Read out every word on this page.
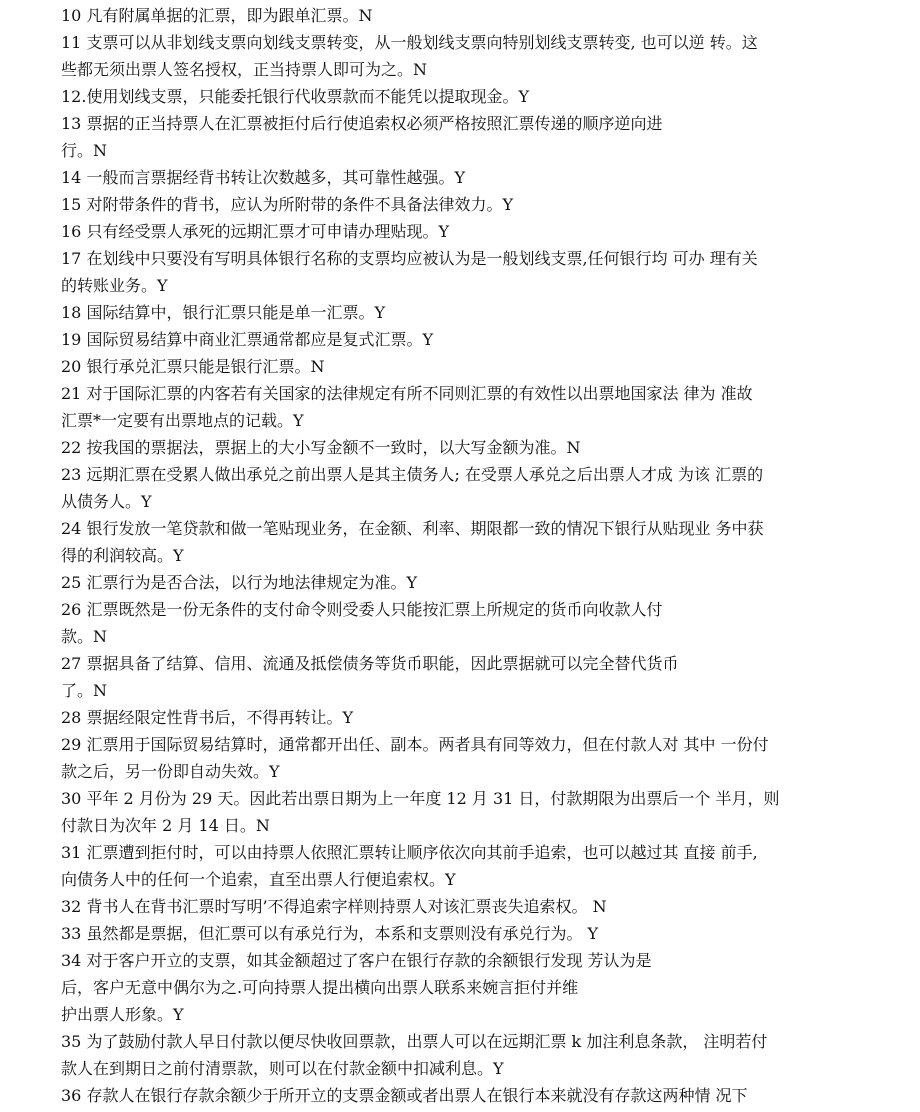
10 凡有附属单据的汇票，即为跟单汇票。N
11 支票可以从非划线支票向划线支票转变，从一般划线支票向特别划线支票转变, 也可以逆 转。这
些都无须出票人签名授权，正当持票人即可为之。N
12.使用划线支票，只能委托银行代收票款而不能凭以提取现金。Y
13 票据的正当持票人在汇票被拒付后行使追索权必须严格按照汇票传递的顺序逆向进
行。N
14 一般而言票据经背书转让次数越多，其可靠性越强。Y
15 对附带条件的背书，应认为所附带的条件不具备法律效力。Y
16 只有经受票人承死的远期汇票才可申请办理贴现。Y
17 在划线中只要没有写明具体银行名称的支票均应被认为是一般划线支票,任何银行均 可办 理有关
的转账业务。Y
18 国际结算中，银行汇票只能是单一汇票。Y
19 国际贸易结算中商业汇票通常都应是复式汇票。Y
20 银行承兑汇票只能是银行汇票。N
21 对于国际汇票的内客若有关国家的法律规定有所不同则汇票的有效性以出票地国家法 律为 准故
汇票*一定要有出票地点的记载。Y
22 按我国的票据法，票据上的大小写金额不一致时，以大写金额为准。N
23 远期汇票在受累人做出承兑之前出票人是其主债务人; 在受票人承兑之后出票人才成 为该 汇票的
从债务人。Y
24 银行发放一笔贷款和做一笔贴现业务，在金额、利率、期限都一致的情况下银行从贴现业 务中获
得的利润较高。Y
25 汇票行为是否合法，以行为地法律规定为准。Y
26 汇票既然是一份无条件的支付命令则受委人只能按汇票上所规定的货币向收款人付
款。N
27 票据具备了结算、信用、流通及抵偿债务等货币职能，因此票据就可以完全替代货币
了。N
28 票据经限定性背书后，不得再转让。Y
29 汇票用于国际贸易结算时，通常都开出任、副本。两者具有同等效力，但在付款人对 其中 一份付
款之后，另一份即自动失效。Y
30 平年 2 月份为 29 天。因此若出票日期为上一年度 12 月 31 日，付款期限为出票后一个 半月，则
付款日为次年 2 月 14 日。N
31 汇票遭到拒付时，可以由持票人依照汇票转让顺序依次向其前手追索，也可以越过其 直接 前手,
向债务人中的任何一个追索，直至出票人行便追索权。Y
32 背书人在背书汇票时写明’不得追索字样则持票人对该汇票丧失追索权。 N
33 虽然都是票据，但汇票可以有承兑行为，本系和支票则没有承兑行为。 Y
34 对于客户开立的支票，如其金额超过了客户在银行存款的余额银行发现 芳认为是
后，客户无意中偶尔为之.可向持票人提出横向出票人联系来婉言拒付并维
护出票人形象。Y
35 为了鼓励付款人早日付款以便尽快收回票款，出票人可以在远期汇票 k 加注利息条款， 注明若付
款人在到期日之前付清票款，则可以在付款金额中扣减利息。Y
36 存款人在银行存款余额少于所开立的支票金额或者出票人在银行本来就没有存款这两种情 况下
